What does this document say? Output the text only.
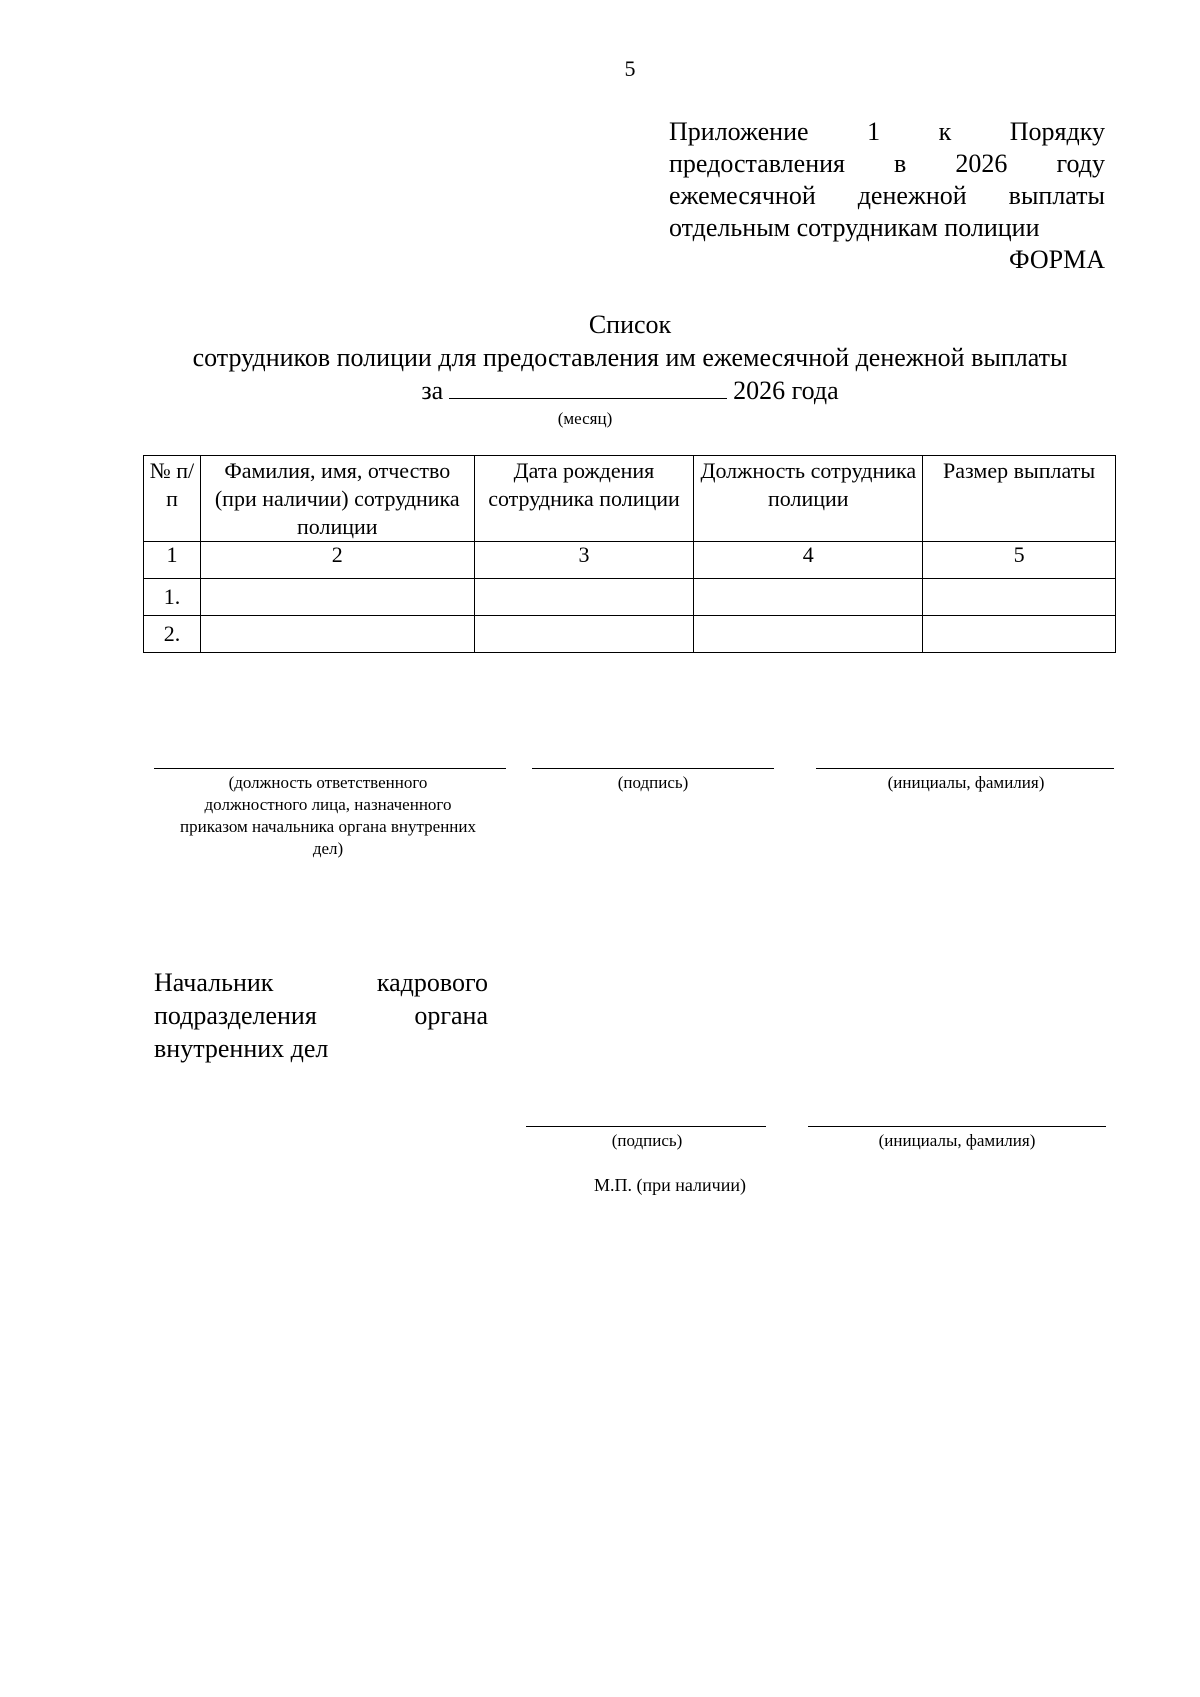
5
Приложение 1 к Порядку
предоставления в 2026 году
ежемесячной денежной выплаты
отдельным сотрудникам полиции
ФОРМА
Список
сотрудников полиции для предоставления им ежемесячной денежной выплаты
за	2026 года
(месяц)
№ п/п	Фамилия, имя, отчество (при наличии) сотрудника полиции	Дата рождения сотрудника полиции	Должность сотрудника полиции	Размер выплаты
1	2	3	4	5
1.				
2.				
(должность ответственного должностного лица, назначенного приказом начальника органа внутренних дел)
(подпись)	(инициалы, фамилия)
Начальник кадрового
подразделения органа
внутренних дел
(подпись)	(инициалы, фамилия)
М.П. (при наличии)
